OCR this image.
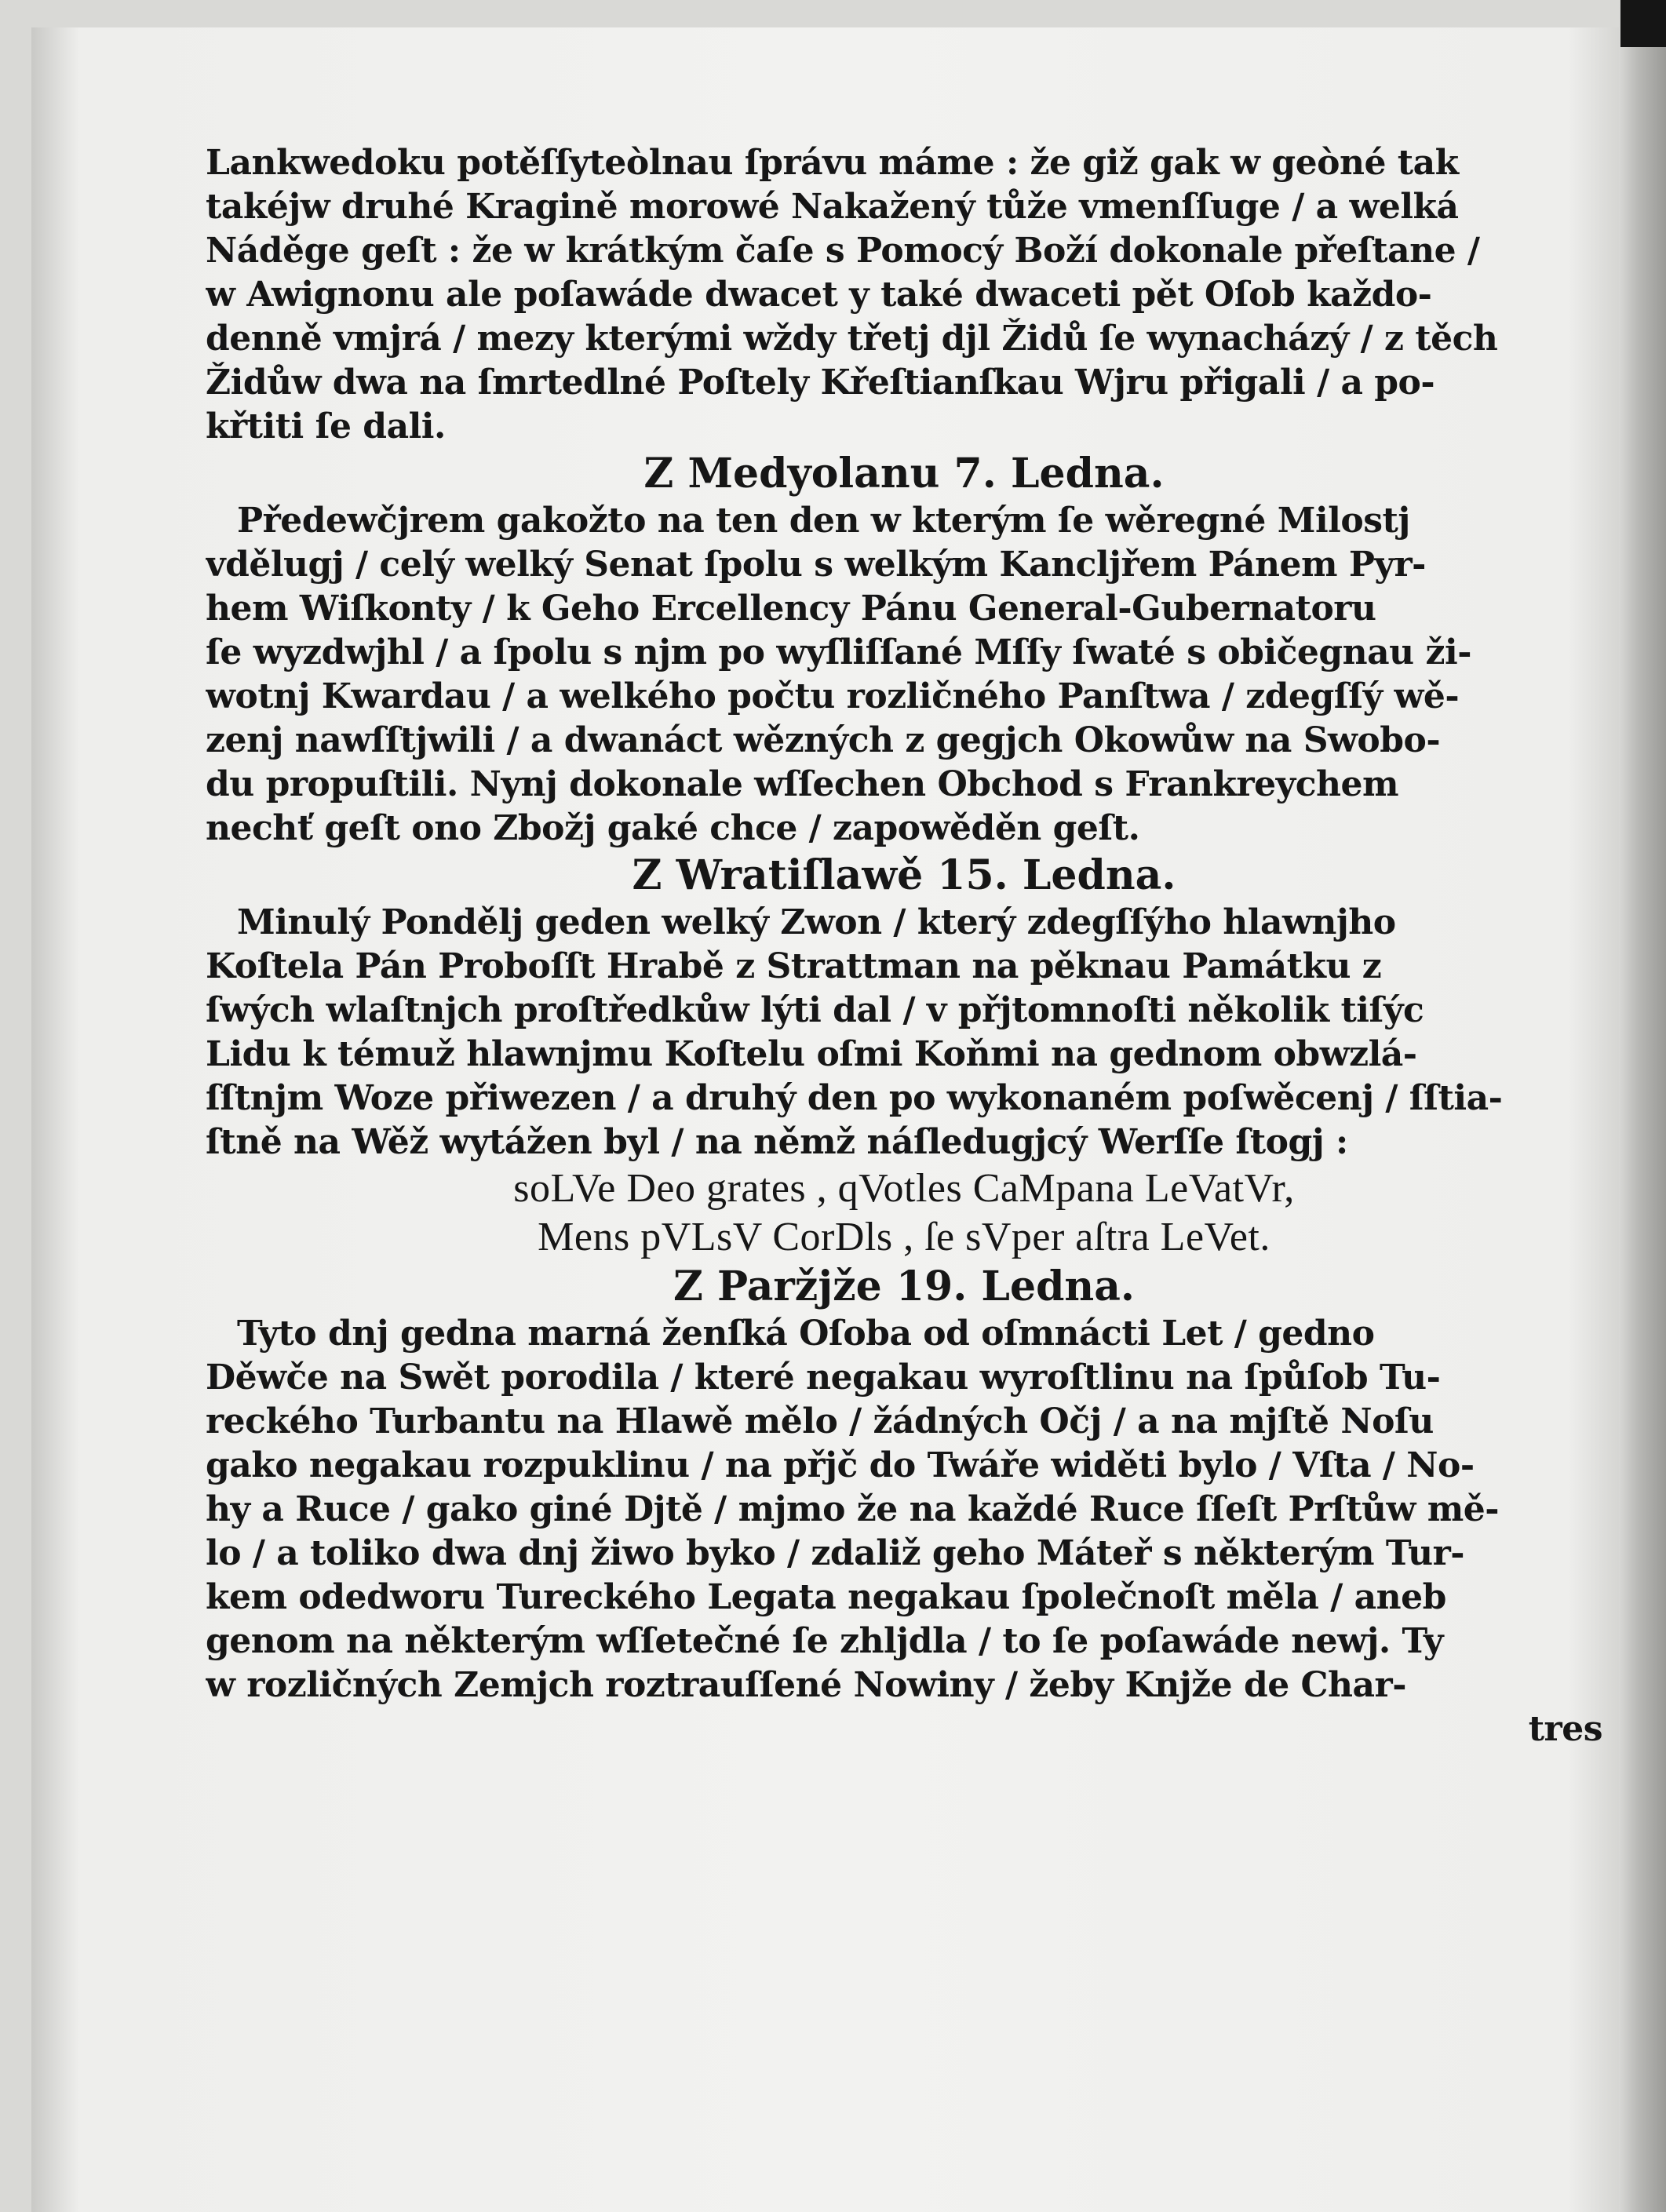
Lankwedoku potěſſyteòlnau ſprávu máme : že giž gak w geòné tak
takéjw druhé Kragině morowé Nakažený tůže vmenſſuge / a welká
Náděge geſt : že w krátkým čaſe s Pomocý Boží dokonale přeſtane /
w Awignonu ale poſawáde dwacet y také dwaceti pět Oſob každo-
denně vmjrá / mezy kterými wždy třetj djl Židů ſe wynacházý / z těch
Židůw dwa na ſmrtedlné Poſtely Křeſtianſkau Wjru přigali / a po-
křtiti ſe dali.
Z Medyolanu 7. Ledna.
Předewčjrem gakožto na ten den w kterým ſe wěregné Milostj
vdělugj / celý welký Senat ſpolu s welkým Kancljřem Pánem Pyr-
hem Wiſkonty / k Geho Ercellency Pánu General-Gubernatoru
ſe wyzdwjhl / a ſpolu s njm po wyſliſſané Mſſy ſwaté s običegnau ži-
wotnj Kwardau / a welkého počtu rozličného Panſtwa / zdegſſý wě-
zenj nawſſtjwili / a dwanáct wězných z gegjch Okowůw na Swobo-
du propuſtili. Nynj dokonale wſſechen Obchod s Frankreychem
nechť geſt ono Zbožj gaké chce / zapowěděn geſt.
Z Wratiſlawě 15. Ledna.
Minulý Pondělj geden welký Zwon / který zdegſſýho hlawnjho
Koſtela Pán Proboſſt Hrabě z Strattman na pěknau Památku z
ſwých wlaſtnjch proſtředkůw lýti dal / v přjtomnoſti několik tiſýc
Lidu k témuž hlawnjmu Koſtelu oſmi Koňmi na gednom obwzlá-
ſſtnjm Woze přiwezen / a druhý den po wykonaném poſwěcenj / ſſtia-
ſtně na Wěž wytážen byl / na němž náſledugjcý Werſſe ſtogj :
soLVe Deo grates , qVotles CaMpana LeVatVr,
Mens pVLsV CorDls , ſe sVper aſtra LeVet.
Z Paržjže 19. Ledna.
Tyto dnj gedna marná ženſká Oſoba od oſmnácti Let / gedno
Děwče na Swět porodila / které negakau wyroſtlinu na ſpůſob Tu-
reckého Turbantu na Hlawě mělo / žádných Očj / a na mjſtě Noſu
gako negakau rozpuklinu / na přjč do Twáře widěti bylo / Vſta / No-
hy a Ruce / gako giné Djtě / mjmo že na každé Ruce ſſeſt Prſtůw mě-
lo / a toliko dwa dnj žiwo byko / zdaliž geho Máteř s některým Tur-
kem odedworu Tureckého Legata negakau ſpolečnoſt měla / aneb
genom na některým wſſetečné ſe zhljdla / to ſe poſawáde newj. Ty
w rozličných Zemjch roztrauſſené Nowiny / žeby Knjže de Char-
tres
